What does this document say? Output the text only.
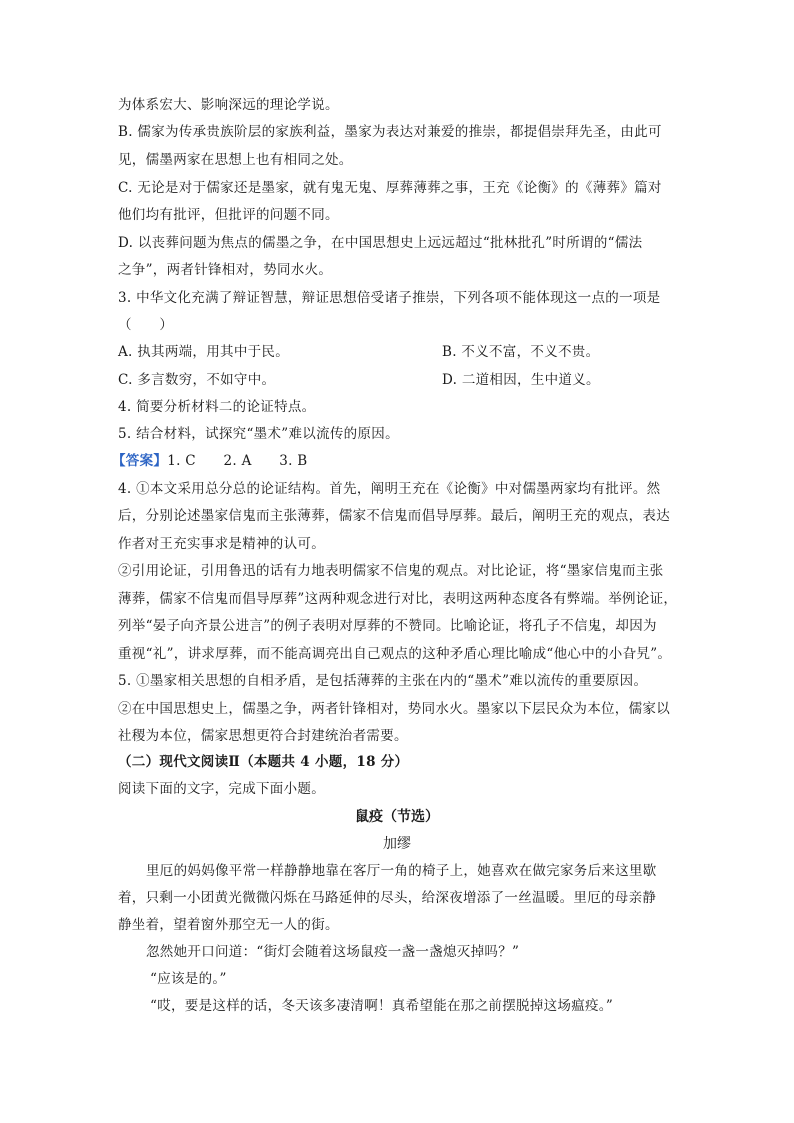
为体系宏大、影响深远的理论学说。
B. 儒家为传承贵族阶层的家族利益，墨家为表达对兼爱的推崇，都提倡崇拜先圣，由此可
见，儒墨两家在思想上也有相同之处。
C. 无论是对于儒家还是墨家，就有鬼无鬼、厚葬薄葬之事，王充《论衡》的《薄葬》篇对
他们均有批评，但批评的问题不同。
D. 以丧葬问题为焦点的儒墨之争，在中国思想史上远远超过“批林批孔”时所谓的“儒法
之争”，两者针锋相对，势同水火。
3. 中华文化充满了辩证智慧，辩证思想倍受诸子推崇，下列各项不能体现这一点的一项是
（　　）
A. 执其两端，用其中于民。	B. 不义不富，不义不贵。
C. 多言数穷，不如守中。	D. 二道相因，生中道义。
4. 简要分析材料二的论证特点。
5. 结合材料，试探究“墨术”难以流传的原因。
【答案】1. C　　2. A　　3. B
4. ①本文采用总分总的论证结构。首先，阐明王充在《论衡》中对儒墨两家均有批评。然
后，分别论述墨家信鬼而主张薄葬，儒家不信鬼而倡导厚葬。最后，阐明王充的观点，表达
作者对王充实事求是精神的认可。
②引用论证，引用鲁迅的话有力地表明儒家不信鬼的观点。对比论证，将“墨家信鬼而主张
薄葬，儒家不信鬼而倡导厚葬”这两种观念进行对比，表明这两种态度各有弊端。举例论证，
列举“晏子向齐景公进言”的例子表明对厚葬的不赞同。比喻论证，将孔子不信鬼，却因为
重视“礼”，讲求厚葬，而不能高调亮出自己观点的这种矛盾心理比喻成“他心中的小旮旯”。
5. ①墨家相关思想的自相矛盾，是包括薄葬的主张在内的“墨术”难以流传的重要原因。
②在中国思想史上，儒墨之争，两者针锋相对，势同水火。墨家以下层民众为本位，儒家以
社稷为本位，儒家思想更符合封建统治者需要。
（二）现代文阅读Ⅱ（本题共 4 小题，18 分）
阅读下面的文字，完成下面小题。
鼠疫（节选）
加缪
里厄的妈妈像平常一样静静地靠在客厅一角的椅子上，她喜欢在做完家务后来这里歇
着，只剩一小团黄光微微闪烁在马路延伸的尽头，给深夜增添了一丝温暖。里厄的母亲静
静坐着，望着窗外那空无一人的街。
忽然她开口问道：“街灯会随着这场鼠疫一盏一盏熄灭掉吗？”
“应该是的。”
“哎，要是这样的话，冬天该多凄清啊！真希望能在那之前摆脱掉这场瘟疫。”
